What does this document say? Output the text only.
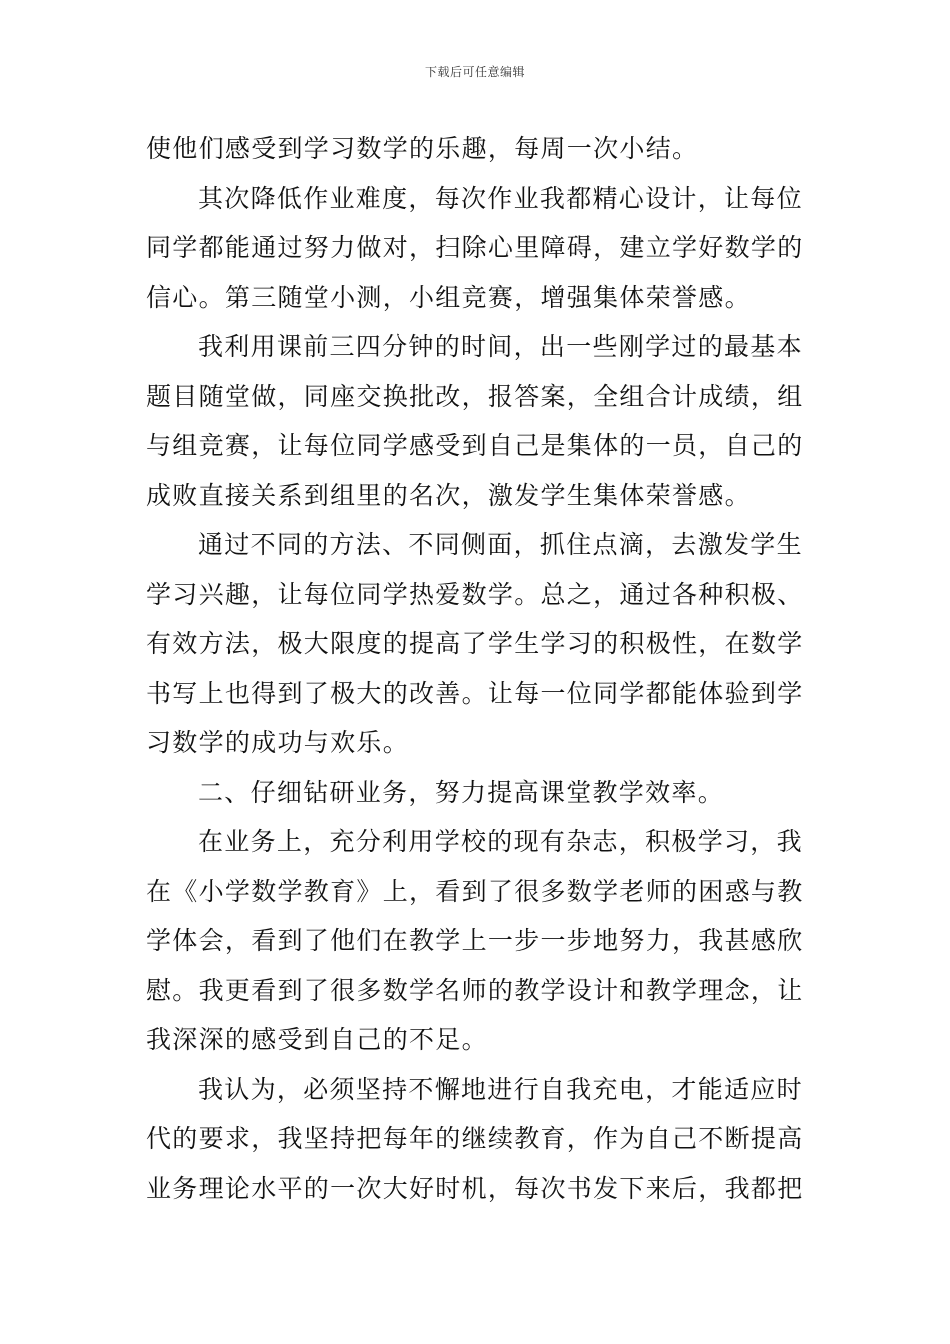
下载后可任意编辑
使他们感受到学习数学的乐趣，每周一次小结。
其次降低作业难度，每次作业我都精心设计，让每位
同学都能通过努力做对，扫除心里障碍，建立学好数学的
信心。第三随堂小测，小组竞赛，增强集体荣誉感。
我利用课前三四分钟的时间，出一些刚学过的最基本
题目随堂做，同座交换批改，报答案，全组合计成绩，组
与组竞赛，让每位同学感受到自己是集体的一员，自己的
成败直接关系到组里的名次，激发学生集体荣誉感。
通过不同的方法、不同侧面，抓住点滴，去激发学生
学习兴趣，让每位同学热爱数学。总之，通过各种积极、
有效方法，极大限度的提高了学生学习的积极性，在数学
书写上也得到了极大的改善。让每一位同学都能体验到学
习数学的成功与欢乐。
二、仔细钻研业务，努力提高课堂教学效率。
在业务上，充分利用学校的现有杂志，积极学习，我
在《小学数学教育》上，看到了很多数学老师的困惑与教
学体会，看到了他们在教学上一步一步地努力，我甚感欣
慰。我更看到了很多数学名师的教学设计和教学理念，让
我深深的感受到自己的不足。
我认为，必须坚持不懈地进行自我充电，才能适应时
代的要求，我坚持把每年的继续教育，作为自己不断提高
业务理论水平的一次大好时机，每次书发下来后，我都把
